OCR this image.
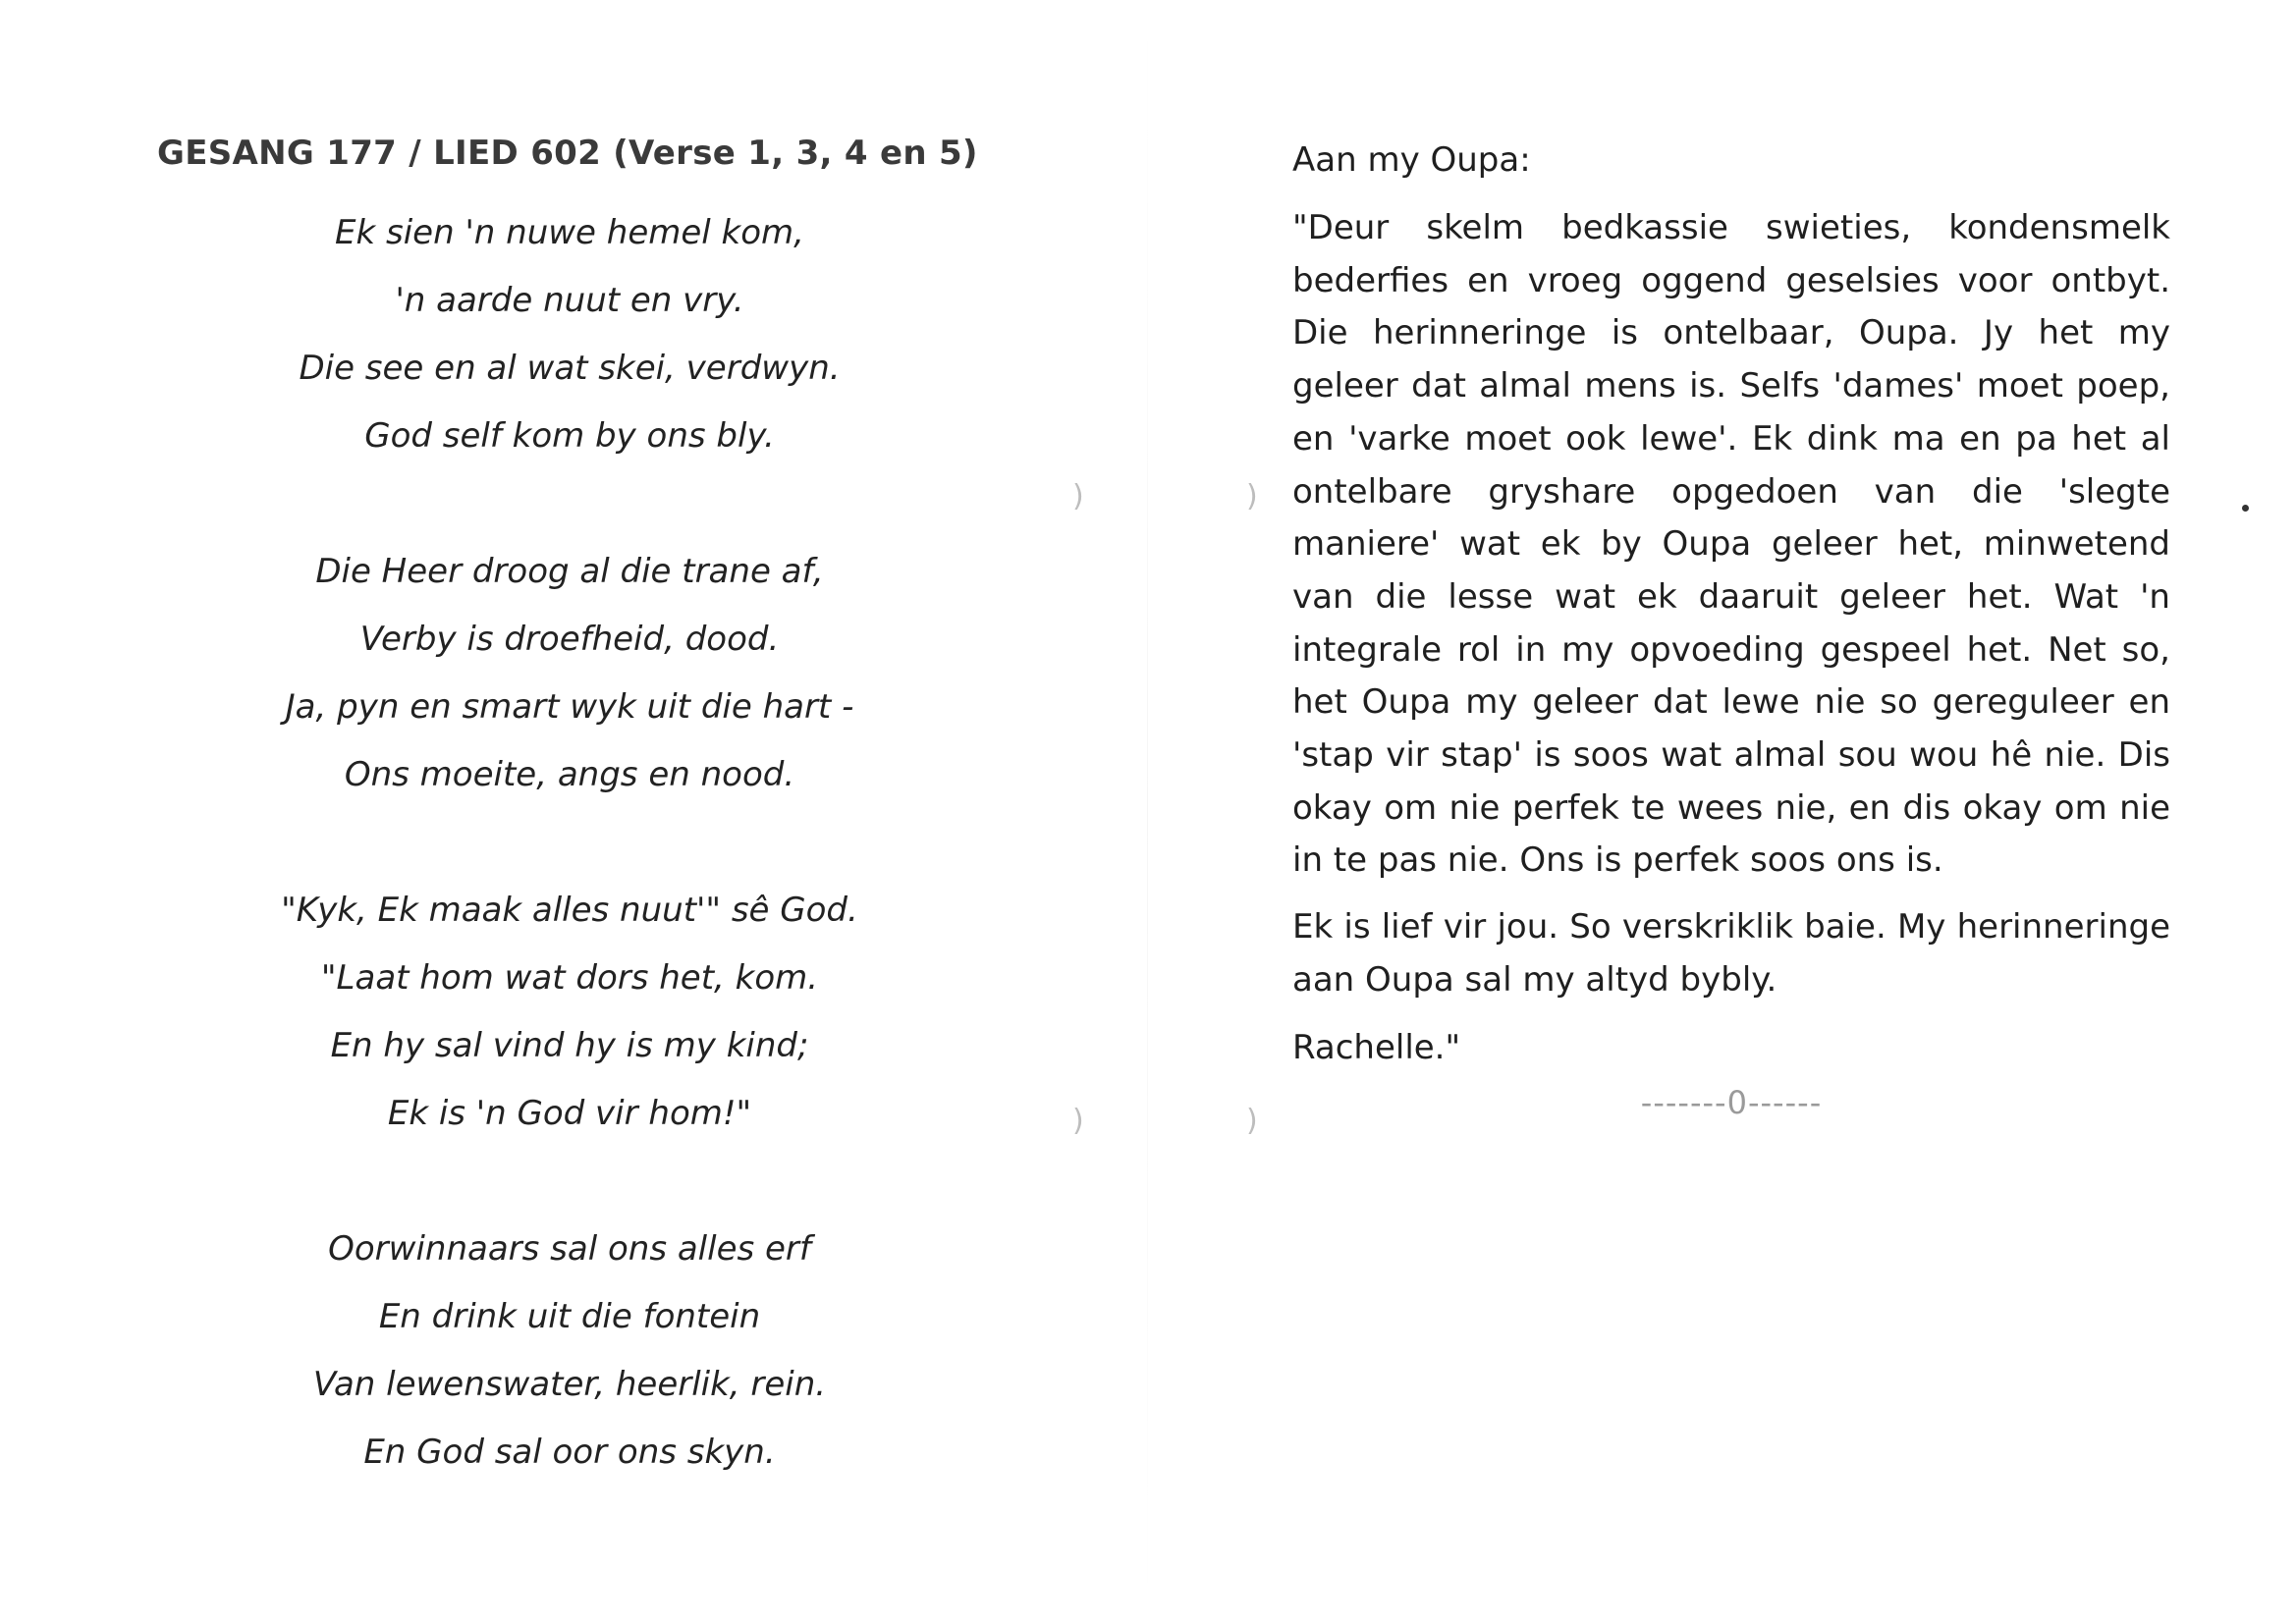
GESANG 177 / LIED 602 (Verse 1, 3, 4 en 5)
Ek sien 'n nuwe hemel kom,
'n aarde nuut en vry.
Die see en al wat skei, verdwyn.
God self kom by ons bly.
Die Heer droog al die trane af,
Verby is droefheid, dood.
Ja, pyn en smart wyk uit die hart -
Ons moeite, angs en nood.
"Kyk, Ek maak alles nuut'" sê God.
"Laat hom wat dors het, kom.
En hy sal vind hy is my kind;
Ek is 'n God vir hom!"
Oorwinnaars sal ons alles erf
En drink uit die fontein
Van lewenswater, heerlik, rein.
En God sal oor ons skyn.
)
)
)
)

Aan my Oupa:

"Deur skelm bedkassie swieties, kondensmelk bederfies en vroeg oggend geselsies voor ontbyt. Die herinneringe is ontelbaar, Oupa. Jy het my geleer dat almal mens is. Selfs 'dames' moet poep, en 'varke moet ook lewe'. Ek dink ma en pa het al ontelbare gryshare opgedoen van die 'slegte maniere' wat ek by Oupa geleer het, minwetend van die lesse wat ek daaruit geleer het. Wat 'n integrale rol in my opvoeding gespeel het. Net so, het Oupa my geleer dat lewe nie so gereguleer en 'stap vir stap' is soos wat almal sou wou hê nie. Dis okay om nie perfek te wees nie, en dis okay om nie in te pas nie. Ons is perfek soos ons is.

Ek is lief vir jou. So verskriklik baie. My herinneringe aan Oupa sal my altyd bybly.

Rachelle."

-------0------
